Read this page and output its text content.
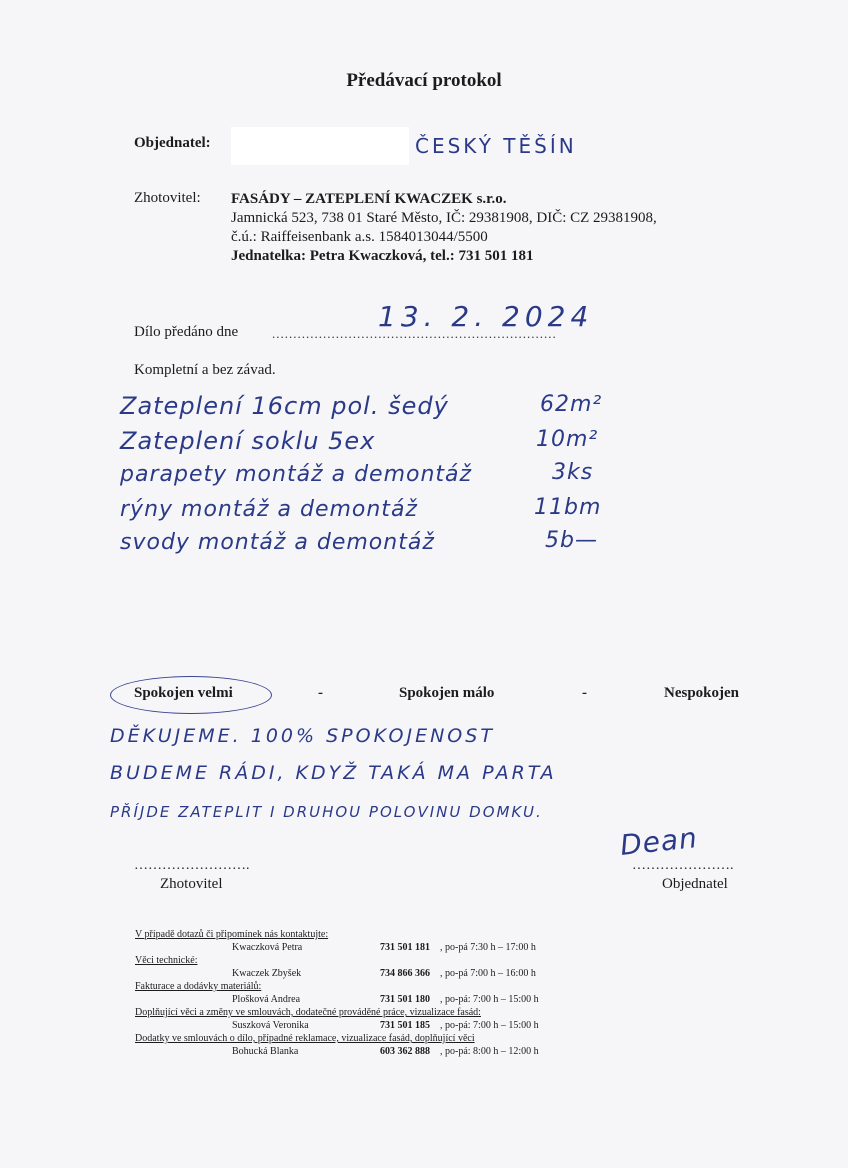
Předávací protokol
Objednatel:	ČESKÝ TĚŠÍN
Zhotovitel: FASÁDY – ZATEPLENÍ KWACZEK s.r.o.
Jamnická 523, 738 01 Staré Město, IČ: 29381908, DIČ: CZ 29381908,
č.ú.: Raiffeisenbank a.s. 1584013044/5500
Jednatelka: Petra Kwaczková, tel.: 731 501 181
Dílo předáno dne	...................................................................
13. 2. 2024
Kompletní a bez závad.
Zateplení 16cm pol. šedý	62m²
Zateplení soklu 5ex	10m²
parapety montáž a demontáž	3ks
rýny montáž a demontáž	11bm
svody montáž a demontáž	5b—
Spokojen velmi	-	Spokojen málo	-	Nespokojen
DĚKUJEME. 100% SPOKOJENOST
BUDEME RÁDI, KDYŽ TAKÁ MA PARTA
PŘÍJDE ZATEPLIT I DRUHOU POLOVINU DOMKU.
…………………….	………………….
Dean
Zhotovitel	Objednatel
V případě dotazů či připomínek nás kontaktujte:
Kwaczková Petra	731 501 181 , po-pá 7:30 h – 17:00 h
Věci technické:
Kwaczek Zbyšek	734 866 366 , po-pá 7:00 h – 16:00 h
Fakturace a dodávky materiálů:
Plošková Andrea	731 501 180 , po-pá: 7:00 h – 15:00 h
Doplňující věci a změny ve smlouvách, dodatečné prováděné práce, vizualizace fasád:
Suszková Veronika	731 501 185 , po-pá: 7:00 h – 15:00 h
Dodatky ve smlouvách o dílo, případné reklamace, vizualizace fasád, doplňující věci
Bohucká Blanka	603 362 888 , po-pá: 8:00 h – 12:00 h
